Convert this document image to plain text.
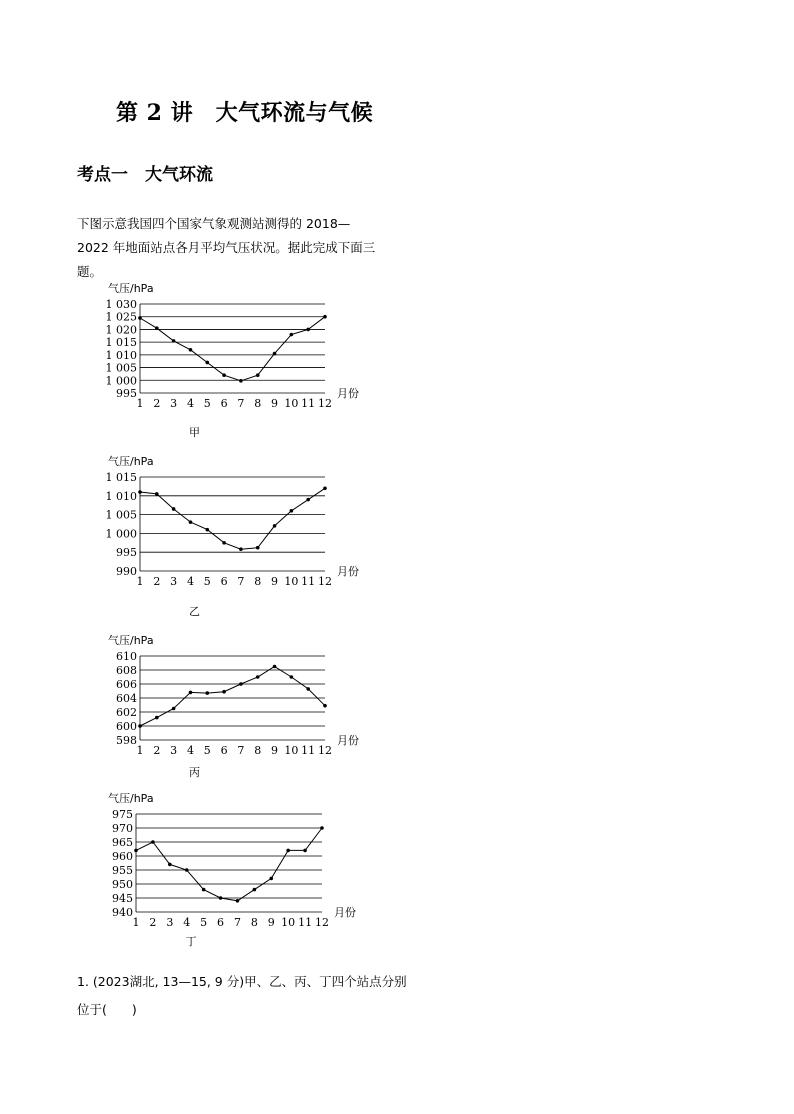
第 2 讲　大气环流与气候
考点一　大气环流
下图示意我国四个国家气象观测站测得的 2018—2022 年地面站点各月平均气压状况。据此完成下面三题。
气压/hPa
995
1 000
1 005
1 010
1 015
1 020
1 025
1 030
1 2 3 4 5 6 7 8 9 10 11 12
月份
甲
气压/hPa
990
995
1 000
1 005
1 010
1 015
1 2 3 4 5 6 7 8 9 10 11 12
月份
乙
气压/hPa
598
600
602
604
606
608
610
1 2 3 4 5 6 7 8 9 10 11 12
月份
丙
气压/hPa
940
945
950
955
960
965
970
975
1 2 3 4 5 6 7 8 9 10 11 12
月份
丁
1. (2023湖北, 13—15, 9 分)甲、乙、丙、丁四个站点分别位于(　　)
